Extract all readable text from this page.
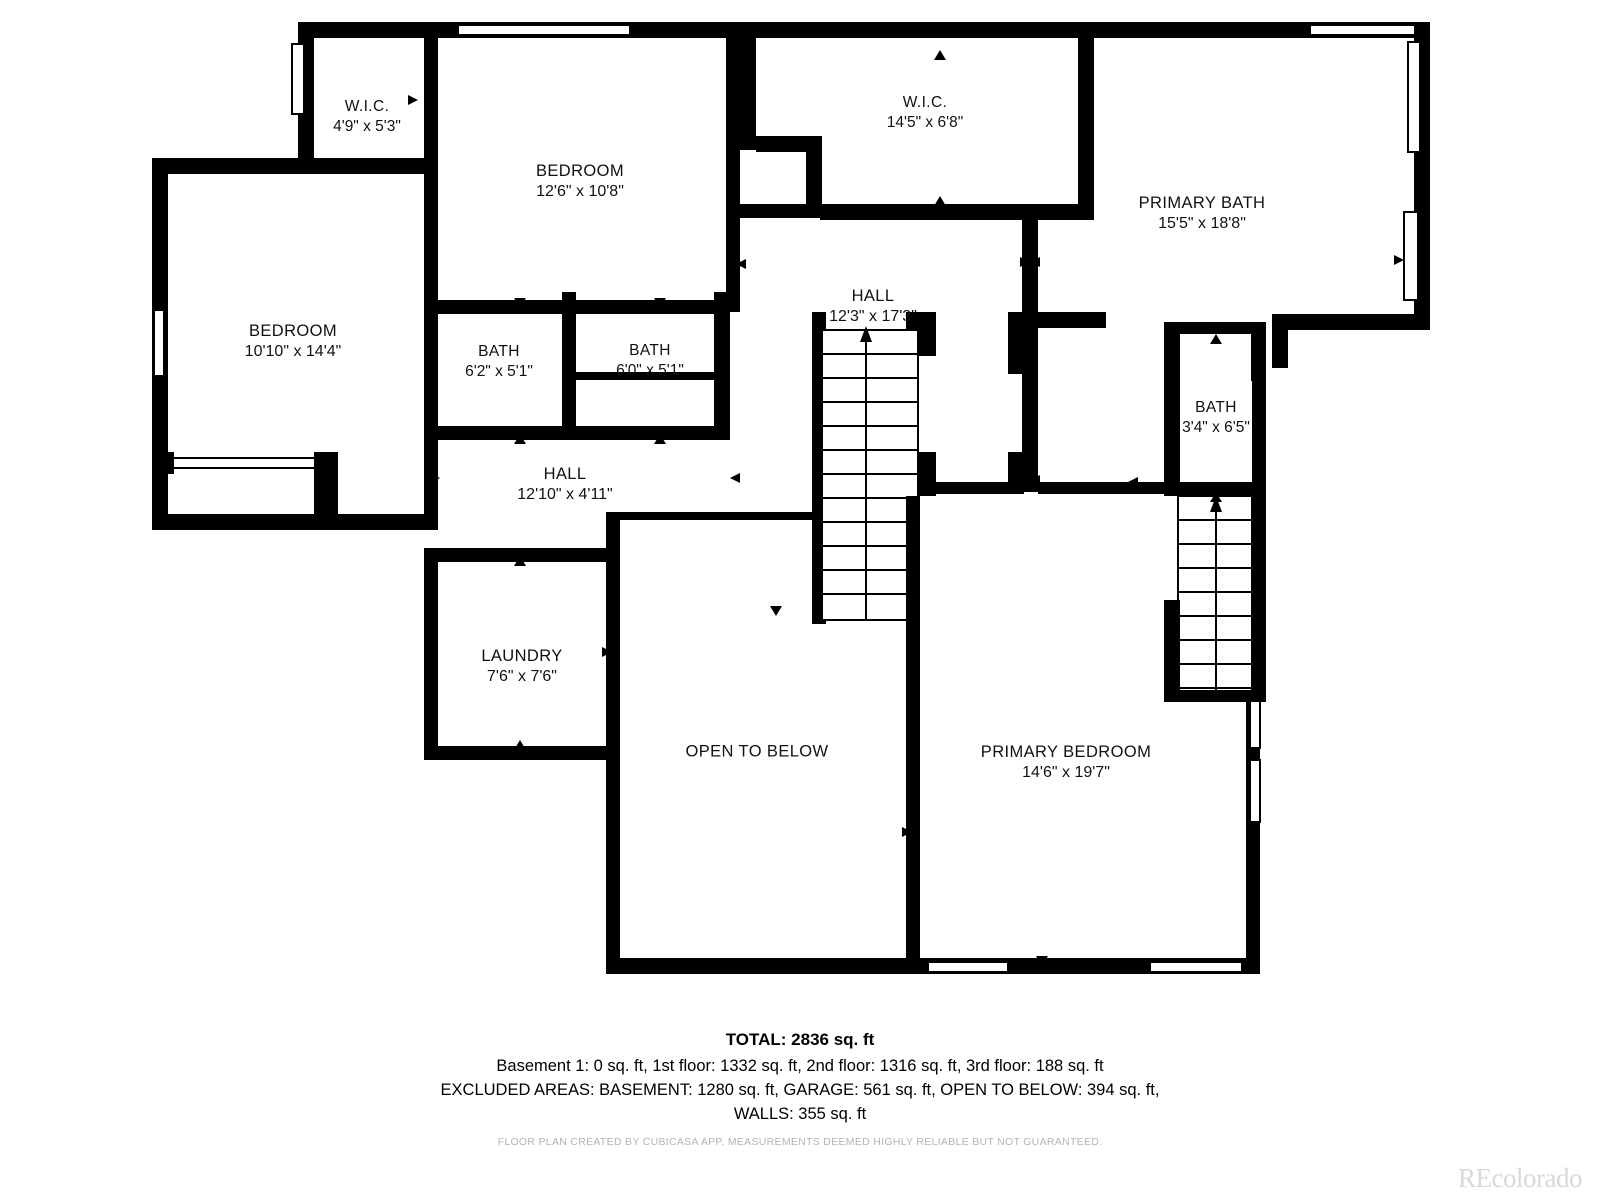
W.I.C.
4'9" x 5'3"
BEDROOM
12'6" x 10'8"
W.I.C.
14'5" x 6'8"
PRIMARY BATH
15'5" x 18'8"
BEDROOM
10'10" x 14'4"	BATH
6'2" x 5'1"
BATH
6'0" x 5'1"
HALL
12'3" x 17'3"
BATH
3'4" x 6'5"
HALL
12'10" x 4'11"
LAUNDRY
7'6" x 7'6"
OPEN TO BELOW	PRIMARY BEDROOM
14'6" x 19'7"
TOTAL: 2836 sq. ft
Basement 1: 0 sq. ft, 1st floor: 1332 sq. ft, 2nd floor: 1316 sq. ft, 3rd floor: 188 sq. ft
EXCLUDED AREAS: BASEMENT: 1280 sq. ft, GARAGE: 561 sq. ft, OPEN TO BELOW: 394 sq. ft,
WALLS: 355 sq. ft
FLOOR PLAN CREATED BY CUBICASA APP. MEASUREMENTS DEEMED HIGHLY RELIABLE BUT NOT GUARANTEED.
REcolorado
